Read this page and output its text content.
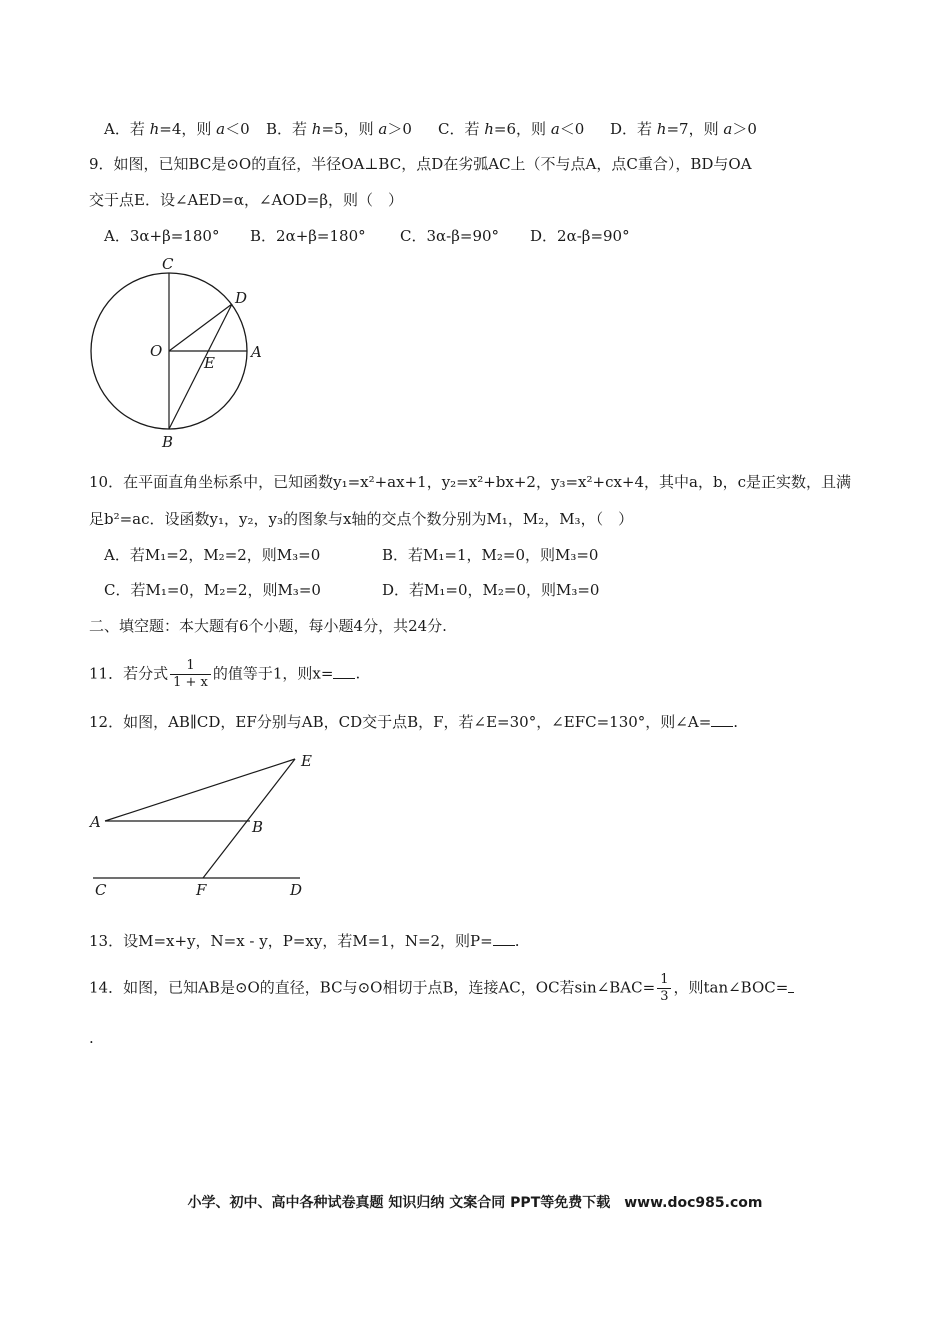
A．若 h=4，则 a＜0 B．若 h=5，则 a＞0 C．若 h=6，则 a＜0 D．若 h=7，则 a＞0
9．如图，已知BC是⊙O的直径，半径OA⊥BC，点D在劣弧AC上（不与点A，点C重合），BD与OA
交于点E．设∠AED=α，∠AOD=β，则（　）
A．3α+β=180° B．2α+β=180° C．3α-β=90° D．2α-β=90°
C
D
O
E
A
B
10．在平面直角坐标系中，已知函数y₁=x²+ax+1，y₂=x²+bx+2，y₃=x²+cx+4，其中a，b，c是正实数，且满
足b²=ac．设函数y₁，y₂，y₃的图象与x轴的交点个数分别为M₁，M₂，M₃，（　）
A．若M₁=2，M₂=2，则M₃=0	B．若M₁=1，M₂=0，则M₃=0
C．若M₁=0，M₂=2，则M₃=0	D．若M₁=0，M₂=0，则M₃=0
二、填空题：本大题有6个小题，每小题4分，共24分.
11．若分式 $\frac{1}{1 + x}$ 的值等于1，则x= .
12．如图，AB∥CD，EF分别与AB，CD交于点B，F，若∠E=30°，∠EFC=130°，则∠A= .
E
A	B
C	F	D
13．设M=x+y，N=x - y，P=xy，若M=1，N=2，则P= .
14．如图，已知AB是⊙O的直径，BC与⊙O相切于点B，连接AC，OC若sin∠BAC= $\frac{1}{3}$ ，则tan∠BOC=
.
小学、初中、高中各种试卷真题 知识归纳 文案合同 PPT等免费下载　www.doc985.com
